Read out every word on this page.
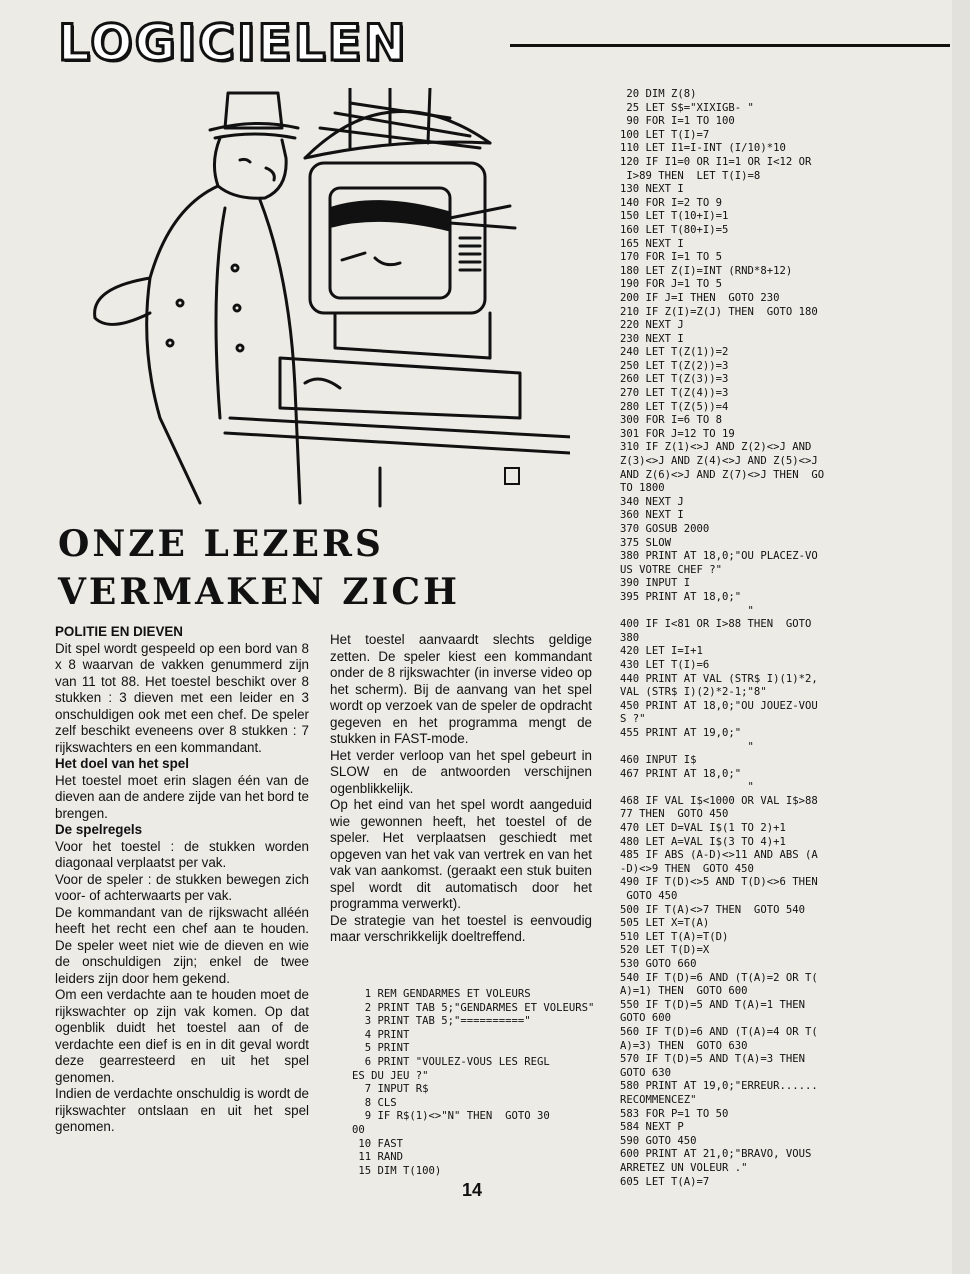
LOGICIELEN
ONZE LEZERS
VERMAKEN ZICH

POLITIE EN DIEVEN

Dit spel wordt gespeeld op een bord van 8 x 8 waarvan de vakken genummerd zijn van 11 tot 88. Het toestel beschikt over 8 stukken : 3 dieven met een leider en 3 onschuldigen ook met een chef. De speler zelf beschikt eveneens over 8 stukken : 7 rijkswachters en een kommandant.

Het doel van het spel

Het toestel moet erin slagen één van de dieven aan de andere zijde van het bord te brengen.

De spelregels

Voor het toestel : de stukken worden diagonaal verplaatst per vak.

Voor de speler : de stukken bewegen zich voor- of achterwaarts per vak.

De kommandant van de rijkswacht alléén heeft het recht een chef aan te houden. De speler weet niet wie de dieven en wie de onschuldigen zijn; enkel de twee leiders zijn door hem gekend.

Om een verdachte aan te houden moet de rijkswachter op zijn vak komen. Op dat ogenblik duidt het toestel aan of de verdachte een dief is en in dit geval wordt deze gearresteerd en uit het spel genomen.

Indien de verdachte onschuldig is wordt de rijkswachter ontslaan en uit het spel genomen.

Het toestel aanvaardt slechts geldige zetten. De speler kiest een kommandant onder de 8 rijkswachter (in inverse video op het scherm). Bij de aanvang van het spel wordt op verzoek van de speler de opdracht gegeven en het programma mengt de stukken in FAST-mode.

Het verder verloop van het spel gebeurt in SLOW en de antwoorden verschijnen ogenblikkelijk.

Op het eind van het spel wordt aangeduid wie gewonnen heeft, het toestel of de speler. Het verplaatsen geschiedt met opgeven van het vak van vertrek en van het vak van aankomst. (geraakt een stuk buiten spel wordt dit automatisch door het programma verwerkt).

De strategie van het toestel is eenvoudig maar verschrikkelijk doeltreffend.

1 REM GENDARMES ET VOLEURS
2 PRINT TAB 5;"GENDARMES ET VOLEURS"
3 PRINT TAB 5;"=========="
4 PRINT
5 PRINT
6 PRINT "VOULEZ-VOUS LES REGL
ES DU JEU ?"
7 INPUT R$
8 CLS
9 IF R$(1)<>"N" THEN  GOTO 30
00
10 FAST
11 RAND
15 DIM T(100)
20 DIM Z(8)
25 LET S$="XIXIGB- "
90 FOR I=1 TO 100
100 LET T(I)=7
110 LET I1=I-INT (I/10)*10
120 IF I1=0 OR I1=1 OR I<12 OR
I>89 THEN  LET T(I)=8
130 NEXT I
140 FOR I=2 TO 9
150 LET T(10+I)=1
160 LET T(80+I)=5
165 NEXT I
170 FOR I=1 TO 5
180 LET Z(I)=INT (RND*8+12)
190 FOR J=1 TO 5
200 IF J=I THEN  GOTO 230
210 IF Z(I)=Z(J) THEN  GOTO 180
220 NEXT J
230 NEXT I
240 LET T(Z(1))=2
250 LET T(Z(2))=3
260 LET T(Z(3))=3
270 LET T(Z(4))=3
280 LET T(Z(5))=4
300 FOR I=6 TO 8
301 FOR J=12 TO 19
310 IF Z(1)<>J AND Z(2)<>J AND
Z(3)<>J AND Z(4)<>J AND Z(5)<>J
AND Z(6)<>J AND Z(7)<>J THEN  GO
TO 1800
340 NEXT J
360 NEXT I
370 GOSUB 2000
375 SLOW
380 PRINT AT 18,0;"OU PLACEZ-VO
US VOTRE CHEF ?"
390 INPUT I
395 PRINT AT 18,0;"
"
400 IF I<81 OR I>88 THEN  GOTO
380
420 LET I=I+1
430 LET T(I)=6
440 PRINT AT VAL (STR$ I)(1)*2,
VAL (STR$ I)(2)*2-1;"8"
450 PRINT AT 18,0;"OU JOUEZ-VOU
S ?"
455 PRINT AT 19,0;"
"
460 INPUT I$
467 PRINT AT 18,0;"
"
468 IF VAL I$<1000 OR VAL I$>88
77 THEN  GOTO 450
470 LET D=VAL I$(1 TO 2)+1
480 LET A=VAL I$(3 TO 4)+1
485 IF ABS (A-D)<>11 AND ABS (A
-D)<>9 THEN  GOTO 450
490 IF T(D)<>5 AND T(D)<>6 THEN
GOTO 450
500 IF T(A)<>7 THEN  GOTO 540
505 LET X=T(A)
510 LET T(A)=T(D)
520 LET T(D)=X
530 GOTO 660
540 IF T(D)=6 AND (T(A)=2 OR T(
A)=1) THEN  GOTO 600
550 IF T(D)=5 AND T(A)=1 THEN
GOTO 600
560 IF T(D)=6 AND (T(A)=4 OR T(
A)=3) THEN  GOTO 630
570 IF T(D)=5 AND T(A)=3 THEN
GOTO 630
580 PRINT AT 19,0;"ERREUR......
RECOMMENCEZ"
583 FOR P=1 TO 50
584 NEXT P
590 GOTO 450
600 PRINT AT 21,0;"BRAVO, VOUS
ARRETEZ UN VOLEUR ."
605 LET T(A)=7
14
